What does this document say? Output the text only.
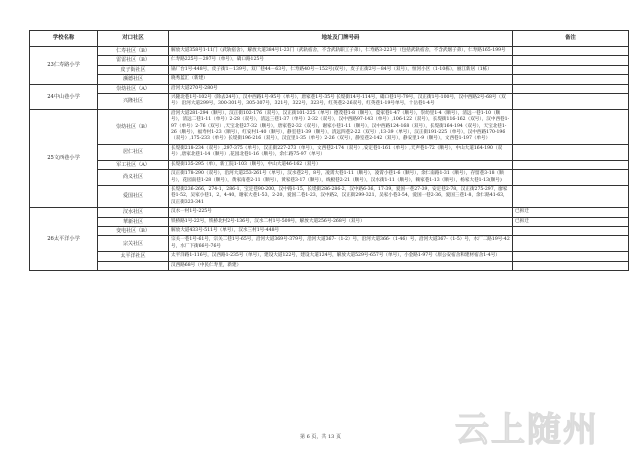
学校名称	对口社区	地址及门牌号码	备注
23仁寿路小学	仁寿社区（B）	解放大道358号1-11门（武轨宿舍），解放大道384号1-23门（武轨宿舍，不含武轨职工子弟），仁寿路3-223号（包括武轨宿舍，不含武烟子弟），仁寿路165-199号	
	雷雷社区（B）	仁寿路225号－297号（单号），礄口路125号	
	皮子街社区	锅厂台1号-448号，皮子街1－139号，双厂巷44－63号，仁寿路40号－152号(双号），皮子正街2号－84号（双号），恒河小区（1-10栋），丽江新居（1栋）	
	濒德社区	晓秀蓝汇（新建）	
24中山巷小学	崇幼社区（A）	沿河大道270号-280号	
	兴隆社区	兴隆北巷1号-102号（除去24号），汉中西路1号-95号（单号），唐家巷1号-35号 长堤街14号-114号，礄口巷1号-79号，汉正街1号-100号，汉中西路2号-68号（双号） 沿河大道299号，300-301号，305-307号，321号，322号，323号，红英巷2-26双号，红英巷1-19号单号，十岳巷1-4号	
25文西巷小学	崇幼社区（B）	沿河大道281-294（顺号），汉正街102-176（双号），汉正街101-225（单号）德茂巷1-8（顺号），夏家巷1-47（顺号），崇幼里1-4（顺号），清远一巷1-10（顺号），清远二巷1-11（单号）2-28（双号），清远三巷1-37（单号）2-32（双号），汉中西路97-143（单号）,106-122（双号），长堤街116-162（双号），汉中西巷1-97（单号）2-76（双号）,天宝北巷27-32（顺号），唐家巷2-32（双号），谢家小巷1-11（顺号），汉中西路124-168（双号），长堤街164-194（双号），天宝北巷1-26（顺号），福寿村1-23（顺号），红安村1-40（顺号），静室巷1-39（顺号），清远四巷2-22（双号）,13-39（单号），汉正街191-225（单号），汉中西路170-196（双号）,175-233（单号）长堤街196-216（双号），汉宜里1-35（单号）2-26（双号），静室巷2-142（双号），静安里1-9（顺号），文西巷1-197（单号）	
	居仁社区	长堤街218-234（双号）,297-375（单号），汉正街227-273（单号），文西巷2-174（双号）,安定巷1-161（单号）,天声巷1-72（顺号），中山大道164-190（双号）,唐家北巷1-14（顺号）,花园北巷1-16（顺号），余仁路75-97（单号）	
	军工社区（A）	长堤街135-295（单），新工院1-103（顺号），中山大道46-162（双号）	
	尚义社区	汉正街178-290（双号），沿河大道253-261号（单号），汉水巷2号，8号，凌霄大巷1-11（顺号），凌霄小巷1-6（顺号），余仁南路1-31（顺号），存留巷3-18（顺号），花园南巷1-28（顺号），黄家南巷2-11（顺号），黄家巷3-17（顺号），线板巷2-21（顺号），汉水街1-11（顺号），赖家巷1-13（顺号），杨家大巷1-13(顺号)	
	爱国社区	长堤街236-266，274-1，286-1，宝定巷90-200，汉中路1-15，长堤街286-286-2，汉中路6-36，17-39，爱国一巷27-39，安定巷2-78，汉正街275-297，廖家巷1-52，吴家小巷1，2，4-40，谢家大巷1-53，2-20，爱国二巷1-23，汉中路2，汉正街299-321，吴家小巷3-54，爱国一巷2-36，爱国三巷1-8，余仁路41-63，汉正街323-341	
26太平洋小学	汉水社区	汉水一村1号-225号	已拆迁
	華新社区	铁桥路1号-22号，铁桥北村2号-136号，汉水二村1号-509号，解放大道256号-268号（双号）	已拆迁
	变电社区（B）	解放大道433号-511号（单号），汉水三村1号-448号	
	宗关社区	宗关一巷1号-61号，宗关二巷1号-65号，沿河大道369号-379号，沿河大道367-（1-2）号，沿河大道366-（1-46）号，沿河大道367-（1-5）号，水厂二路19号-42号，水厂下街66号-76号	
	太平洋社区	太平洋路1-116号，汉西路1-235号（单号），建设大道122号，建设大道124号，解放大道529号-657号（单号），小金路1-97号（原公安宿舍和建材宿舍1-4号）	
		汉西路68号（中民仁寿里，新建）	
第 6 页，共 13 页	云上随州
